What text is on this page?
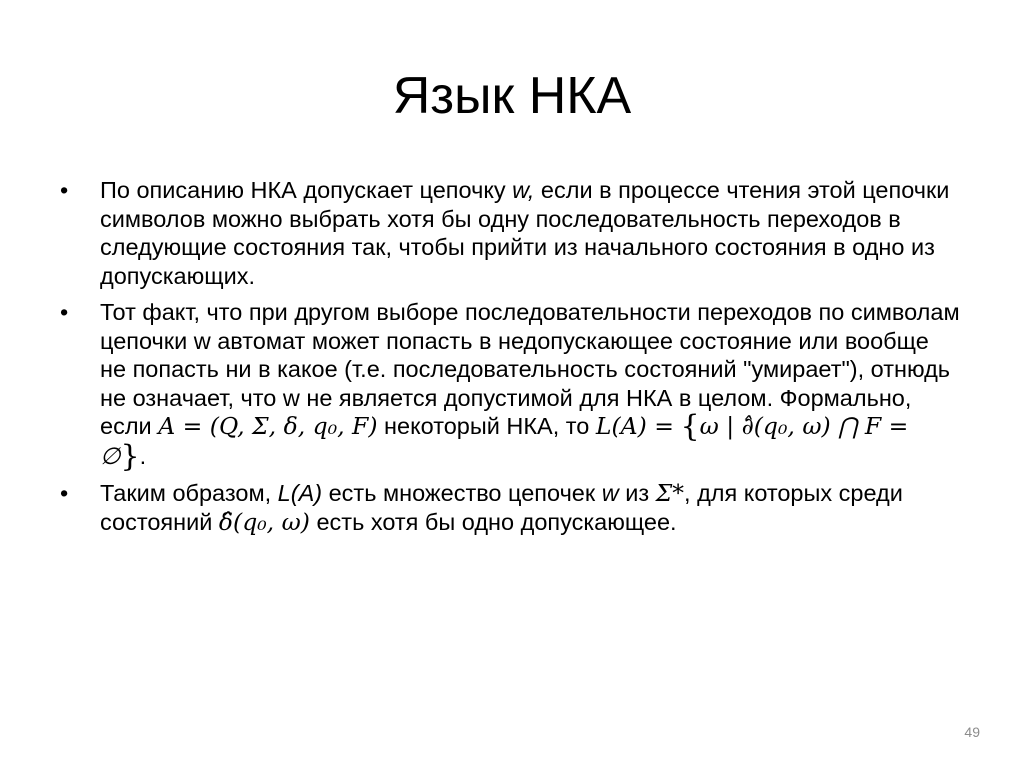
Язык НКА
•	По описанию НКА допускает цепочку w, если в процессе чтения этой цепочки символов можно выбрать хотя бы одну последовательность переходов в следующие состояния так, чтобы прийти из начального состояния в одно из допускающих.
•	Тот факт, что при другом выборе последовательности переходов по символам цепочки w автомат может попасть в недопускающее состояние или вообще не попасть ни в какое (т.е. последовательность состояний "умирает"), отнюдь не означает, что w не является допустимой для НКА в целом. Формально, если A = (Q, Σ, δ, q₀, F) некоторый НКА, то L(A) = {ω | ∂̂(q₀, ω) ⋂ F = ∅}.
•	Таким образом, L(A) есть множество цепочек w из Σ*, для которых среди состояний δ̂(q₀, ω) есть хотя бы одно допускающее.
49
